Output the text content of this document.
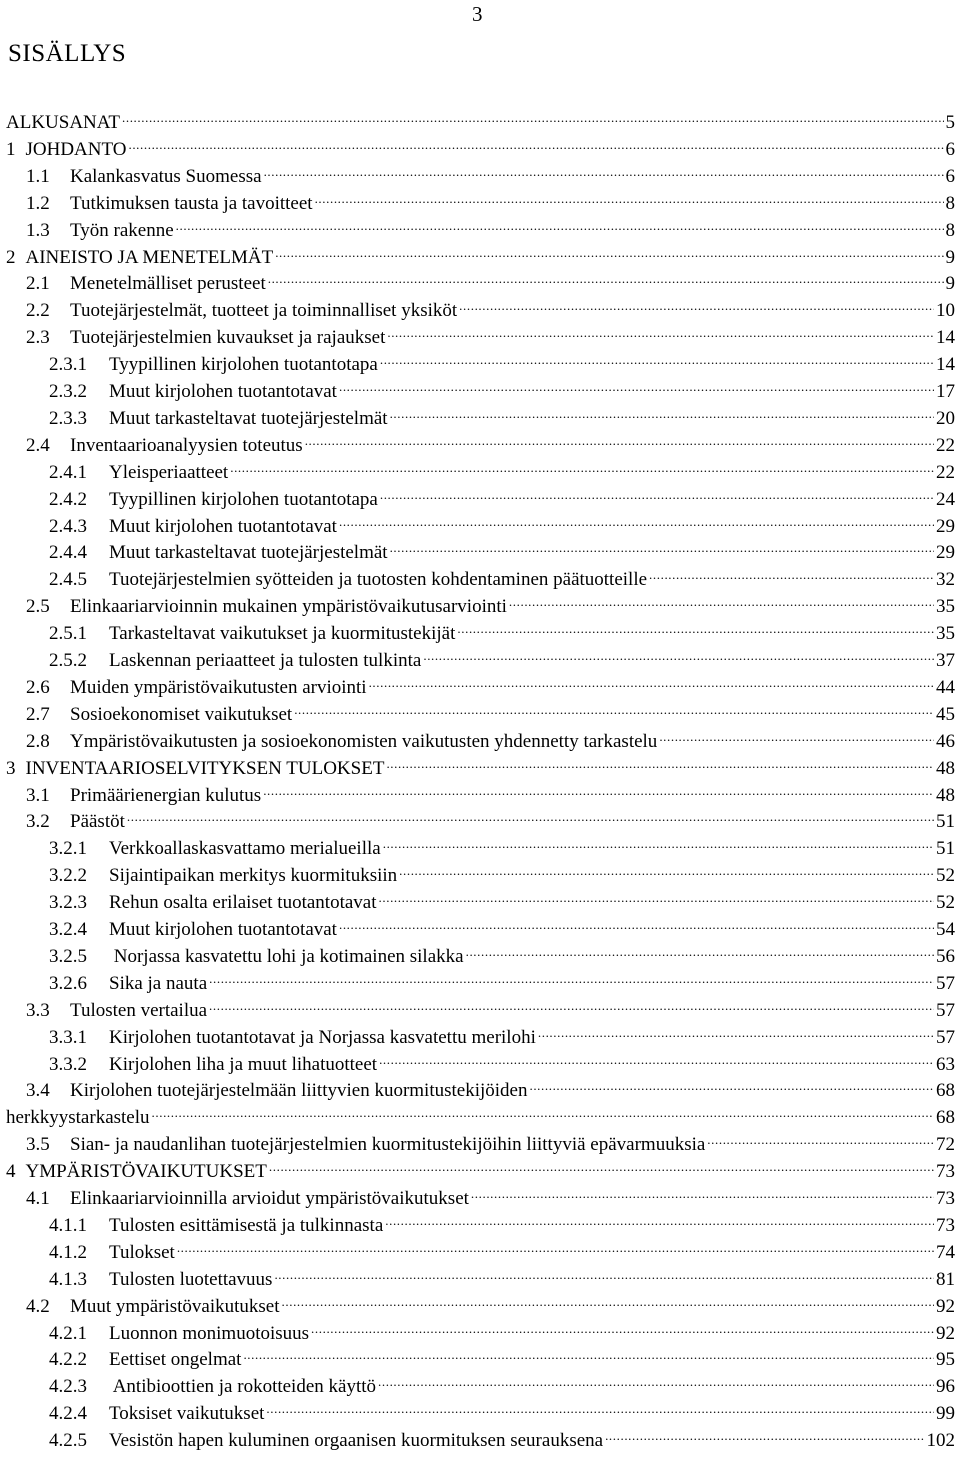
3
SISÄLLYS
ALKUSANAT .....	5
1 JOHDANTO .....	6
1.1	Kalankasvatus Suomessa .....	6
1.2	Tutkimuksen tausta ja tavoitteet .....	8
1.3	Työn rakenne .....	8
2 AINEISTO JA MENETELMÄT .....	9
2.1	Menetelmälliset perusteet .....	9
2.2	Tuotejärjestelmät, tuotteet ja toiminnalliset yksiköt .....	10
2.3	Tuotejärjestelmien kuvaukset ja rajaukset .....	14
2.3.1	Tyypillinen kirjolohen tuotantotapa .....	14
2.3.2	Muut kirjolohen tuotantotavat .....	17
2.3.3	Muut tarkasteltavat tuotejärjestelmät .....	20
2.4	Inventaarioanalyysien toteutus .....	22
2.4.1	Yleisperiaatteet .....	22
2.4.2	Tyypillinen kirjolohen tuotantotapa .....	24
2.4.3	Muut kirjolohen tuotantotavat .....	29
2.4.4	Muut tarkasteltavat tuotejärjestelmät .....	29
2.4.5	Tuotejärjestelmien syötteiden ja tuotosten kohdentaminen päätuotteille .....	32
2.5	Elinkaariarvioinnin mukainen ympäristövaikutusarviointi .....	35
2.5.1	Tarkasteltavat vaikutukset ja kuormitustekijät .....	35
2.5.2	Laskennan periaatteet ja tulosten tulkinta .....	37
2.6	Muiden ympäristövaikutusten arviointi .....	44
2.7	Sosioekonomiset vaikutukset .....	45
2.8	Ympäristövaikutusten ja sosioekonomisten vaikutusten yhdennetty tarkastelu .....	46
3 INVENTAARIOSELVITYKSEN TULOKSET .....	48
3.1	Primäärienergian kulutus .....	48
3.2	Päästöt .....	51
3.2.1	Verkkoallaskasvattamo merialueilla .....	51
3.2.2	Sijaintipaikan merkitys kuormituksiin .....	52
3.2.3	Rehun osalta erilaiset tuotantotavat .....	52
3.2.4	Muut kirjolohen tuotantotavat .....	54
3.2.5	Norjassa kasvatettu lohi ja kotimainen silakka .....	56
3.2.6	Sika ja nauta .....	57
3.3	Tulosten vertailua .....	57
3.3.1	Kirjolohen tuotantotavat ja Norjassa kasvatettu merilohi .....	57
3.3.2	Kirjolohen liha ja muut lihatuotteet .....	63
3.4	Kirjolohen tuotejärjestelmään liittyvien kuormitustekijöiden .....	68
herkkyystarkastelu .....	68
3.5	Sian- ja naudanlihan tuotejärjestelmien kuormitustekijöihin liittyviä epävarmuuksia .....	72
4 YMPÄRISTÖVAIKUTUKSET .....	73
4.1	Elinkaariarvioinnilla arvioidut ympäristövaikutukset .....	73
4.1.1	Tulosten esittämisestä ja tulkinnasta .....	73
4.1.2	Tulokset .....	74
4.1.3	Tulosten luotettavuus .....	81
4.2	Muut ympäristövaikutukset .....	92
4.2.1	Luonnon monimuotoisuus .....	92
4.2.2	Eettiset ongelmat .....	95
4.2.3	Antibioottien ja rokotteiden käyttö .....	96
4.2.4	Toksiset vaikutukset .....	99
4.2.5	Vesistön hapen kuluminen orgaanisen kuormituksen seurauksena .....	102
